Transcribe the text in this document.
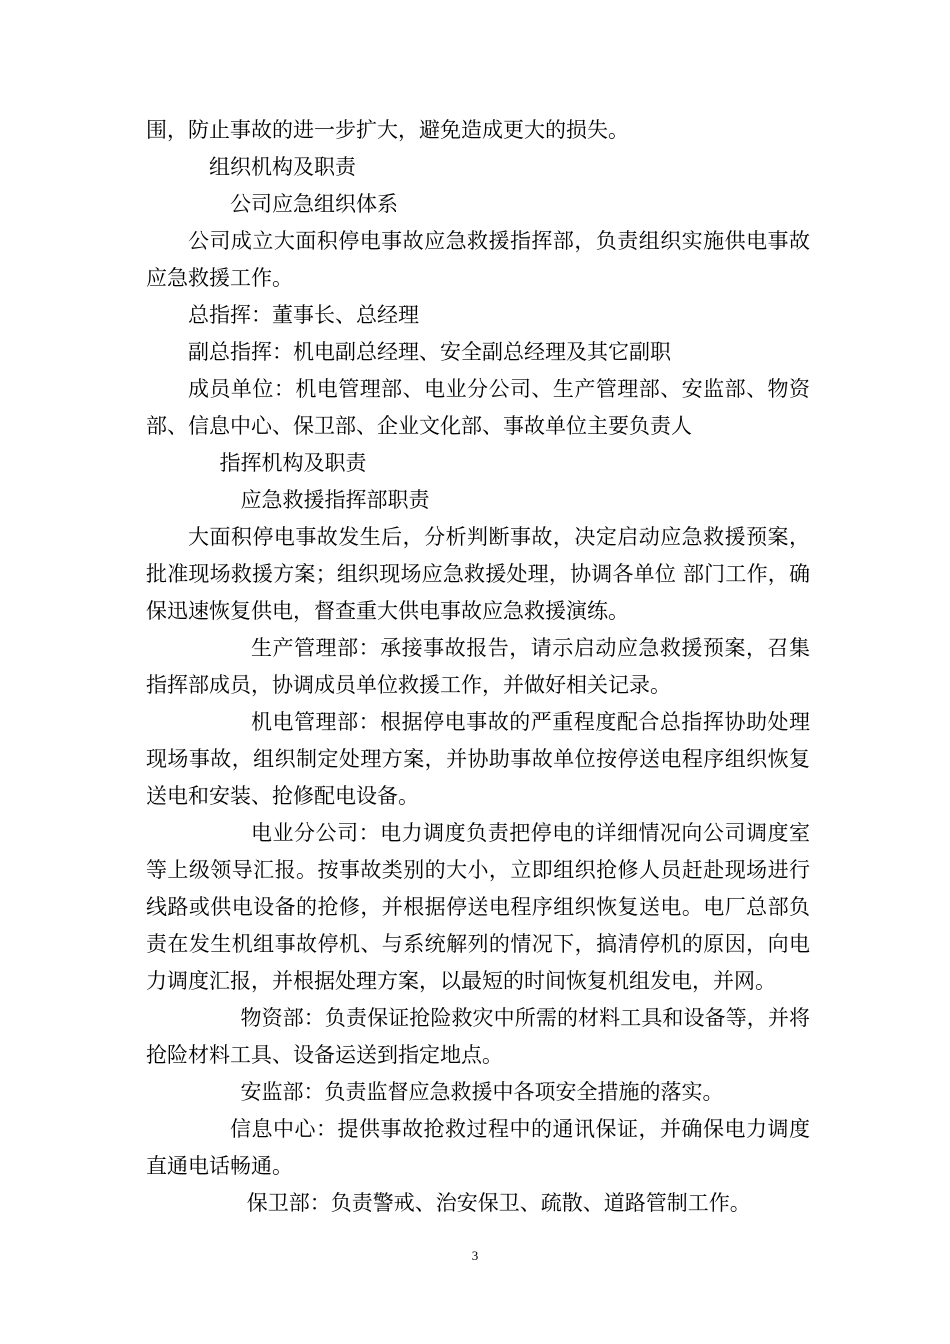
围，防止事故的进一步扩大，避免造成更大的损失。

组织机构及职责

公司应急组织体系

公司成立大面积停电事故应急救援指挥部，负责组织实施供电事故应急救援工作。

总指挥：董事长、总经理

副总指挥：机电副总经理、安全副总经理及其它副职

成员单位：机电管理部、电业分公司、生产管理部、安监部、物资部、信息中心、保卫部、企业文化部、事故单位主要负责人

指挥机构及职责

应急救援指挥部职责

大面积停电事故发生后，分析判断事故，决定启动应急救援预案，批准现场救援方案；组织现场应急救援处理，协调各单位 部门工作，确保迅速恢复供电，督查重大供电事故应急救援演练。

生产管理部：承接事故报告，请示启动应急救援预案，召集指挥部成员，协调成员单位救援工作，并做好相关记录。

机电管理部：根据停电事故的严重程度配合总指挥协助处理现场事故，组织制定处理方案，并协助事故单位按停送电程序组织恢复送电和安装、抢修配电设备。

电业分公司：电力调度负责把停电的详细情况向公司调度室等上级领导汇报。按事故类别的大小，立即组织抢修人员赶赴现场进行线路或供电设备的抢修，并根据停送电程序组织恢复送电。电厂总部负责在发生机组事故停机、与系统解列的情况下，搞清停机的原因，向电力调度汇报，并根据处理方案，以最短的时间恢复机组发电，并网。

物资部：负责保证抢险救灾中所需的材料工具和设备等，并将抢险材料工具、设备运送到指定地点。

安监部：负责监督应急救援中各项安全措施的落实。

信息中心：提供事故抢救过程中的通讯保证，并确保电力调度直通电话畅通。

保卫部：负责警戒、治安保卫、疏散、道路管制工作。

3
